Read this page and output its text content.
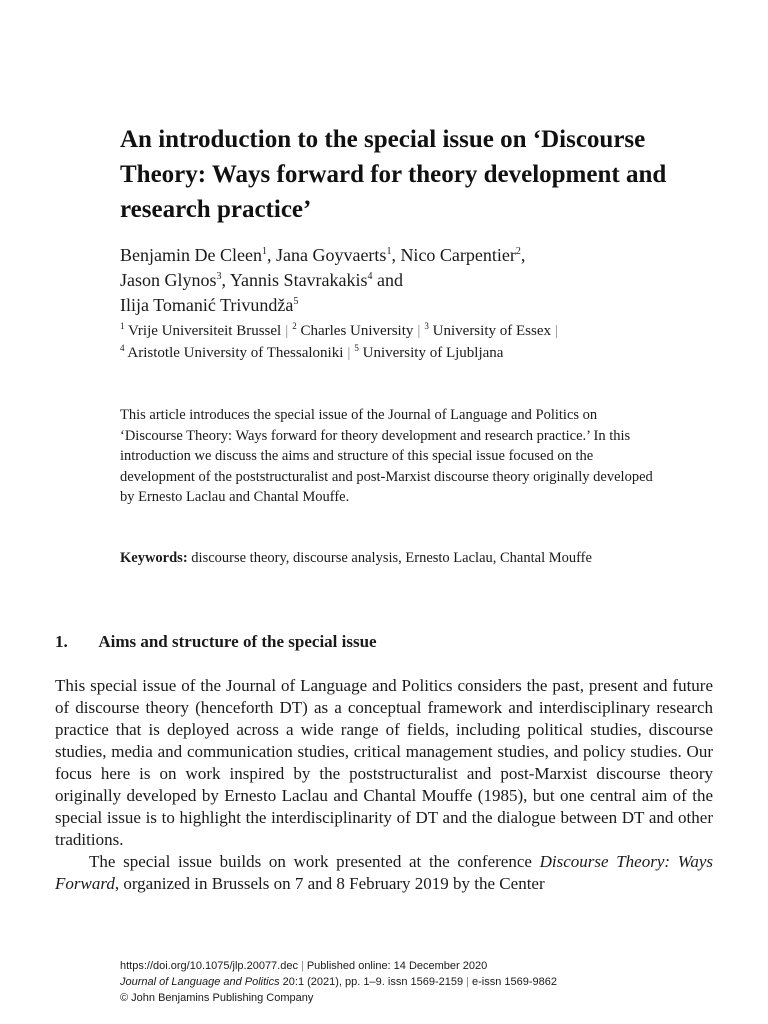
An introduction to the special issue on ‘Discourse Theory: Ways forward for theory development and research practice’
Benjamin De Cleen$^1$, Jana Goyvaerts$^1$, Nico Carpentier$^2$,
Jason Glynos$^3$, Yannis Stavrakakis$^4$ and
Ilija Tomanić Trivundža$^5$
$^1$ Vrije Universiteit Brussel | $^2$ Charles University | $^3$ University of Essex |
$^4$ Aristotle University of Thessaloniki | $^5$ University of Ljubljana

This article introduces the special issue of the Journal of Language and Politics on ‘Discourse Theory: Ways forward for theory development and research practice.’ In this introduction we discuss the aims and structure of this special issue focused on the development of the poststructuralist and post-Marxist discourse theory originally developed by Ernesto Laclau and Chantal Mouffe.

Keywords: discourse theory, discourse analysis, Ernesto Laclau, Chantal Mouffe

1. Aims and structure of the special issue

This special issue of the Journal of Language and Politics considers the past, present and future of discourse theory (henceforth DT) as a conceptual framework and interdisciplinary research practice that is deployed across a wide range of fields, including political studies, discourse studies, media and communication studies, critical management studies, and policy studies. Our focus here is on work inspired by the poststructuralist and post-Marxist discourse theory originally developed by Ernesto Laclau and Chantal Mouffe (1985), but one central aim of the special issue is to highlight the interdisciplinarity of DT and the dialogue between DT and other traditions.

The special issue builds on work presented at the conference Discourse Theory: Ways Forward, organized in Brussels on 7 and 8 February 2019 by the Center

https://doi.org/10.1075/jlp.20077.dec | Published online: 14 December 2020
Journal of Language and Politics 20:1 (2021), pp. 1–9. issn 1569-2159 | e-issn 1569-9862
© John Benjamins Publishing Company
